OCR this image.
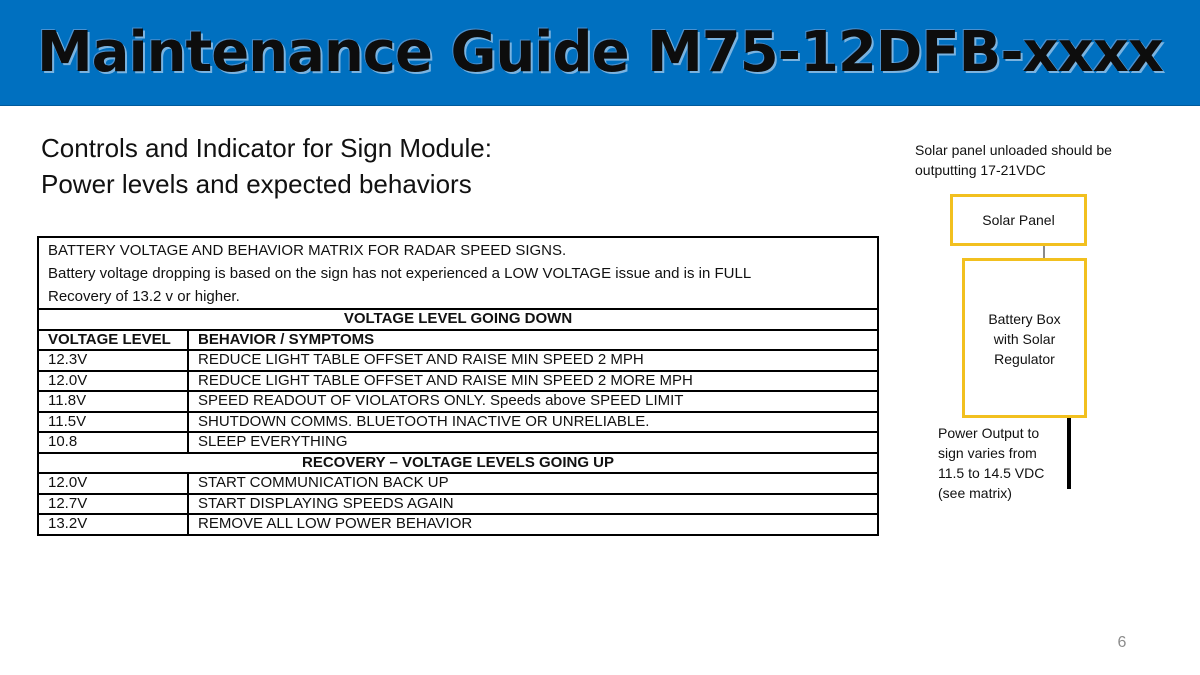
Maintenance Guide M75-12DFB-xxxx
Controls and Indicator for Sign Module:
Power levels and expected behaviors
BATTERY VOLTAGE AND BEHAVIOR MATRIX FOR RADAR SPEED SIGNS.
Battery voltage dropping is based on the sign has not experienced a LOW VOLTAGE issue and is in FULL
Recovery of 13.2 v or higher.	

VOLTAGE LEVEL GOING DOWN	
VOLTAGE LEVEL	BEHAVIOR / SYMPTOMS
12.3V	REDUCE LIGHT TABLE OFFSET AND RAISE MIN SPEED 2 MPH
12.0V	REDUCE LIGHT TABLE OFFSET AND RAISE MIN SPEED 2 MORE MPH
11.8V	SPEED READOUT OF VIOLATORS ONLY. Speeds above SPEED LIMIT
11.5V	SHUTDOWN COMMS. BLUETOOTH INACTIVE OR UNRELIABLE.
10.8	SLEEP EVERYTHING
RECOVERY – VOLTAGE LEVELS GOING UP	
12.0V	START COMMUNICATION BACK UP
12.7V	START DISPLAYING SPEEDS AGAIN
13.2V	REMOVE ALL LOW POWER BEHAVIOR
Solar panel unloaded should be
outputting 17-21VDC
Solar Panel
Battery Box
with Solar
Regulator
Power Output to
sign varies from
11.5 to 14.5 VDC
(see matrix)
6
